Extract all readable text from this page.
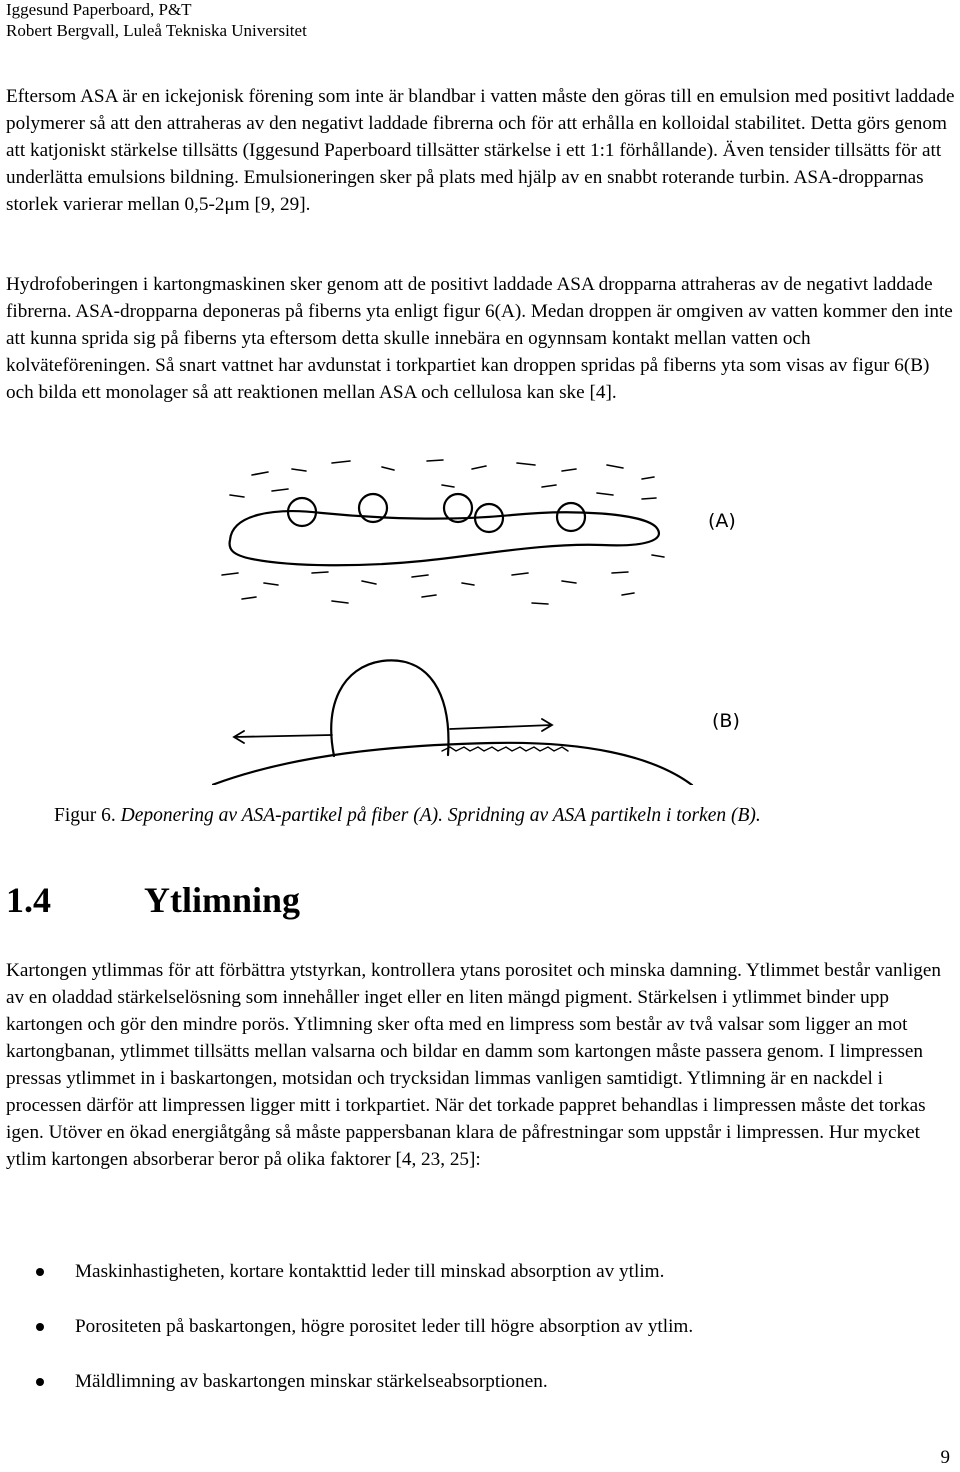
Iggesund Paperboard, P&T
Robert Bergvall, Luleå Tekniska Universitet

Eftersom ASA är en ickejonisk förening som inte är blandbar i vatten måste den göras till en emulsion med positivt laddade polymerer så att den attraheras av den negativt laddade fibrerna och för att erhålla en kolloidal stabilitet. Detta görs genom att katjoniskt stärkelse tillsätts (Iggesund Paperboard tillsätter stärkelse i ett 1:1 förhållande). Även tensider tillsätts för att underlätta emulsions bildning. Emulsioneringen sker på plats med hjälp av en snabbt roterande turbin. ASA-dropparnas storlek varierar mellan 0,5-2μm [9, 29].

Hydrofoberingen i kartongmaskinen sker genom att de positivt laddade ASA dropparna attraheras av de negativt laddade fibrerna. ASA-dropparna deponeras på fiberns yta enligt figur 6(A). Medan droppen är omgiven av vatten kommer den inte att kunna sprida sig på fiberns yta eftersom detta skulle innebära en ogynnsam kontakt mellan vatten och kolväteföreningen. Så snart vattnet har avdunstat i torkpartiet kan droppen spridas på fiberns yta som visas av figur 6(B) och bilda ett monolager så att reaktionen mellan ASA och cellulosa kan ske [4].

(A)
(B)
Figur 6. Deponering av ASA-partikel på fiber (A). Spridning av ASA partikeln i torken (B).
1.4	Ytlimning

Kartongen ytlimmas för att förbättra ytstyrkan, kontrollera ytans porositet och minska damning. Ytlimmet består vanligen av en oladdad stärkelselösning som innehåller inget eller en liten mängd pigment. Stärkelsen i ytlimmet binder upp kartongen och gör den mindre porös. Ytlimning sker ofta med en limpress som består av två valsar som ligger an mot kartongbanan, ytlimmet tillsätts mellan valsarna och bildar en damm som kartongen måste passera genom. I limpressen pressas ytlimmet in i baskartongen, motsidan och trycksidan limmas vanligen samtidigt. Ytlimning är en nackdel i processen därför att limpressen ligger mitt i torkpartiet. När det torkade pappret behandlas i limpressen måste det torkas igen. Utöver en ökad energiåtgång så måste pappersbanan klara de påfrestningar som uppstår i limpressen. Hur mycket ytlim kartongen absorberar beror på olika faktorer [4, 23, 25]:

Maskinhastigheten, kortare kontakttid leder till minskad absorption av ytlim.
Porositeten på baskartongen, högre porositet leder till högre absorption av ytlim.
Mäldlimning av baskartongen minskar stärkelseabsorptionen.
9
